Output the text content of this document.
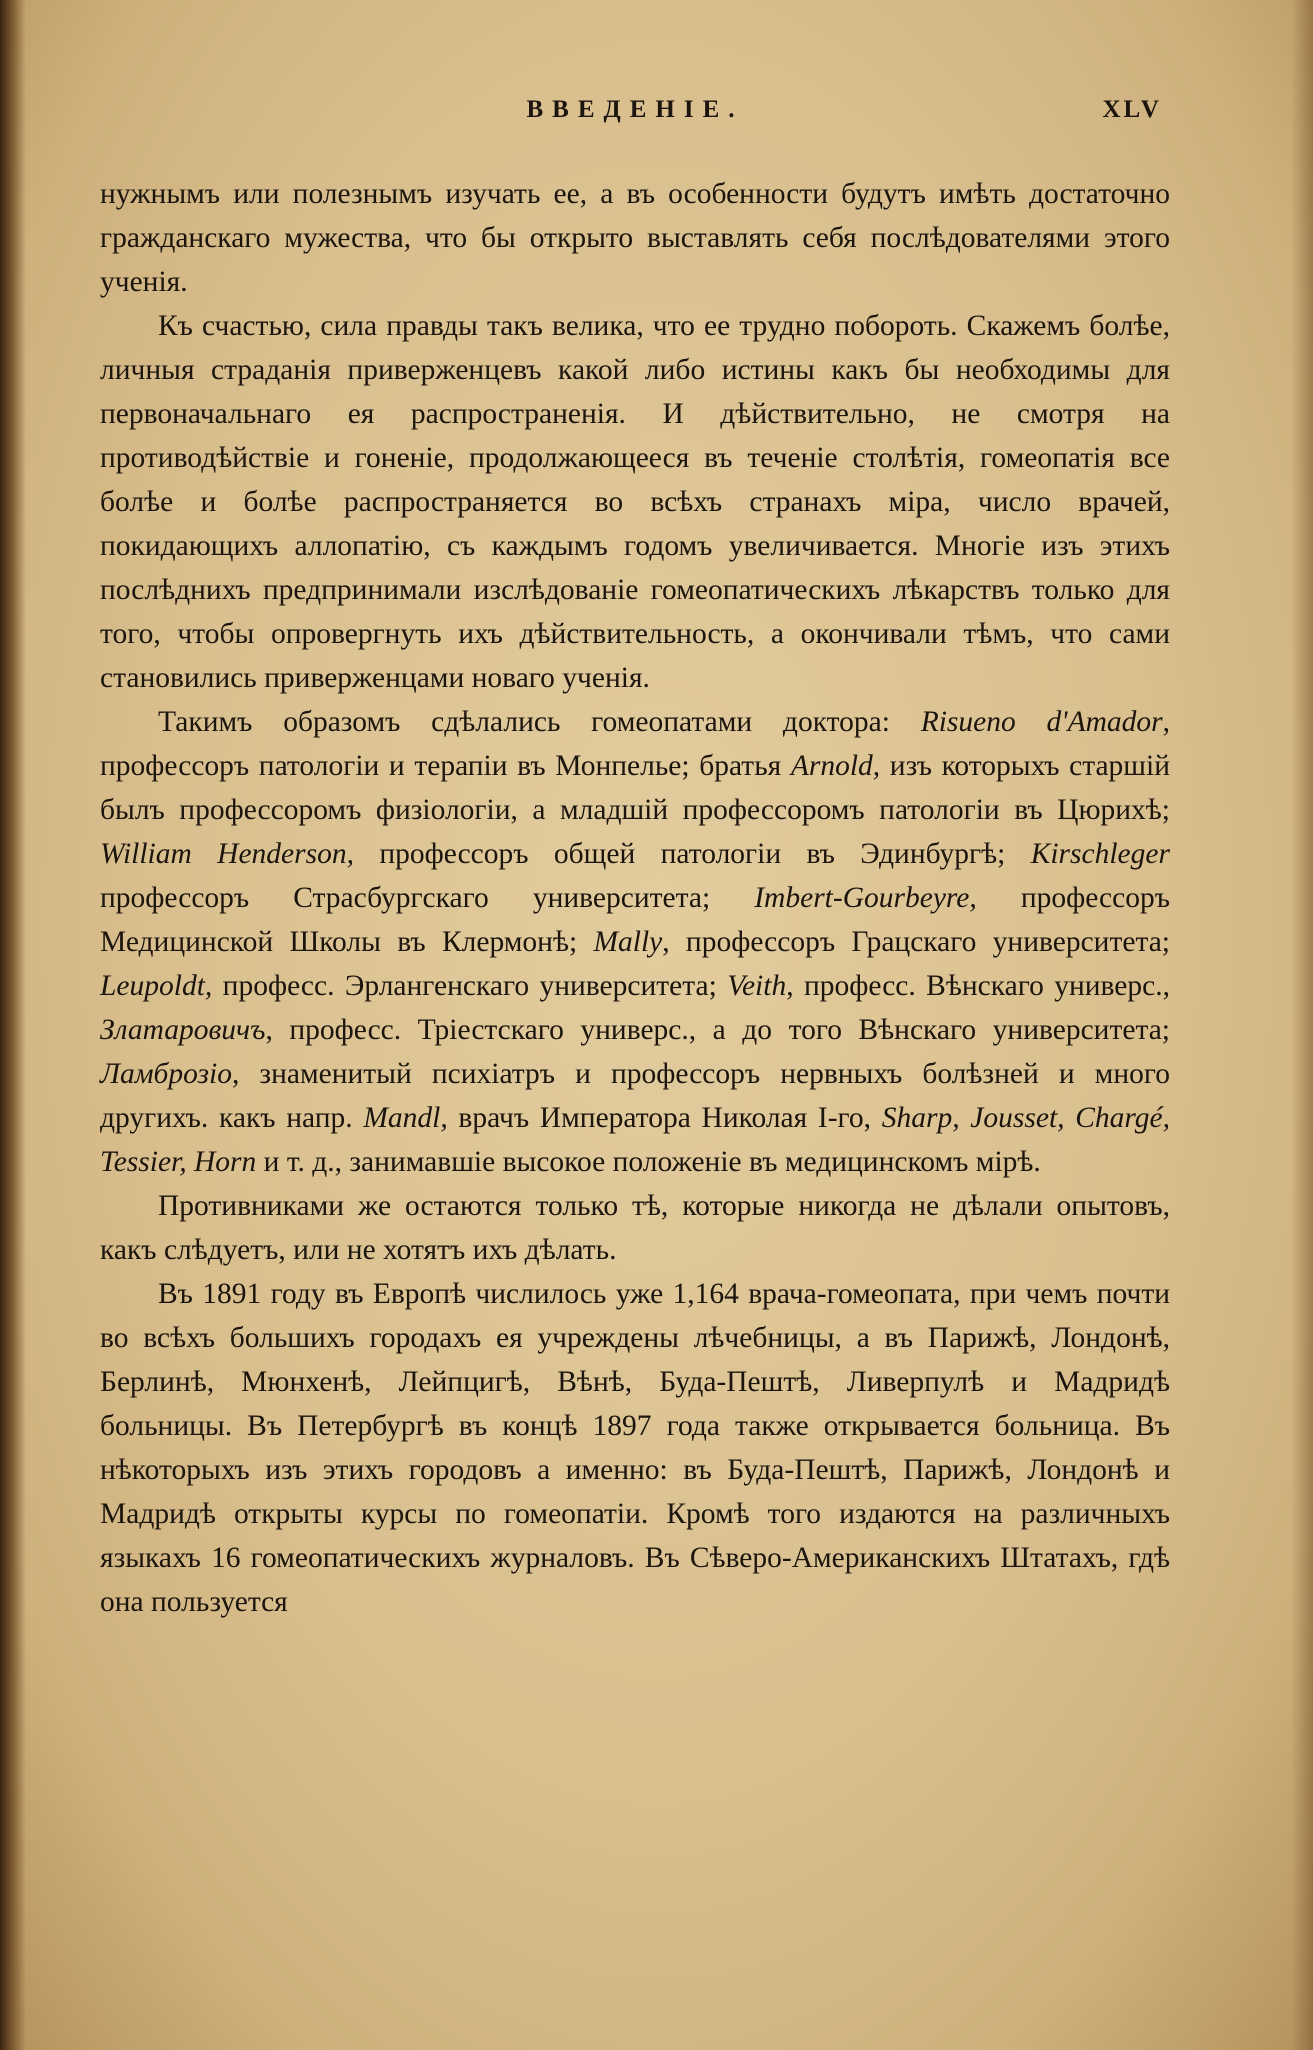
ВВЕДЕНІЕ.	XLV

нужнымъ или полезнымъ изучать ее, а въ особенности будутъ имѣть достаточно гражданскаго мужества, что бы открыто выставлять себя послѣдователями этого ученія.

Къ счастью, сила правды такъ велика, что ее трудно побороть. Скажемъ болѣе, личныя страданія приверженцевъ какой либо истины какъ бы необходимы для первоначальнаго ея распространенія. И дѣйствительно, не смотря на противодѣйствіе и гоненіе, продолжающееся въ теченіе столѣтія, гомеопатія все болѣе и болѣе распространяется во всѣхъ странахъ міра, число врачей, покидающихъ аллопатію, съ каждымъ годомъ увеличивается. Многіе изъ этихъ послѣднихъ предпринимали изслѣдованіе гомеопатическихъ лѣкарствъ только для того, чтобы опровергнуть ихъ дѣйствительность, а окончивали тѣмъ, что сами становились приверженцами новаго ученія.

Такимъ образомъ сдѣлались гомеопатами доктора: Risueno d'Amador, профессоръ патологіи и терапіи въ Монпелье; братья Arnold, изъ которыхъ старшій былъ профессоромъ физіологіи, а младшій профессоромъ патологіи въ Цюрихѣ; William Henderson, профессоръ общей патологіи въ Эдинбургѣ; Kirschleger профессоръ Страсбургскаго университета; Imbert-Gourbeyre, профессоръ Медицинской Школы въ Клермонѣ; Mally, профессоръ Грацскаго университета; Leupoldt, професс. Эрлангенскаго университета; Veith, професс. Вѣнскаго универс., Златаровичъ, професс. Тріестскаго универс., а до того Вѣнскаго университета; Ламброзіо, знаменитый психіатръ и профессоръ нервныхъ болѣзней и много другихъ. какъ напр. Mandl, врачъ Императора Николая I-го, Sharp, Jousset, Chargé, Tessier, Horn и т. д., занимавшіе высокое положеніе въ медицинскомъ мірѣ.

Противниками же остаются только тѣ, которые никогда не дѣлали опытовъ, какъ слѣдуетъ, или не хотятъ ихъ дѣлать.

Въ 1891 году въ Европѣ числилось уже 1,164 врача-гомеопата, при чемъ почти во всѣхъ большихъ городахъ ея учреждены лѣчебницы, а въ Парижѣ, Лондонѣ, Берлинѣ, Мюнхенѣ, Лейпцигѣ, Вѣнѣ, Буда-Пештѣ, Ливерпулѣ и Мадридѣ больницы. Въ Петербургѣ въ концѣ 1897 года также открывается больница. Въ нѣкоторыхъ изъ этихъ городовъ а именно: въ Буда-Пештѣ, Парижѣ, Лондонѣ и Мадридѣ открыты курсы по гомеопатіи. Кромѣ того издаются на различныхъ языкахъ 16 гомеопатическихъ журналовъ. Въ Сѣверо-Американскихъ Штатахъ, гдѣ она пользуется
